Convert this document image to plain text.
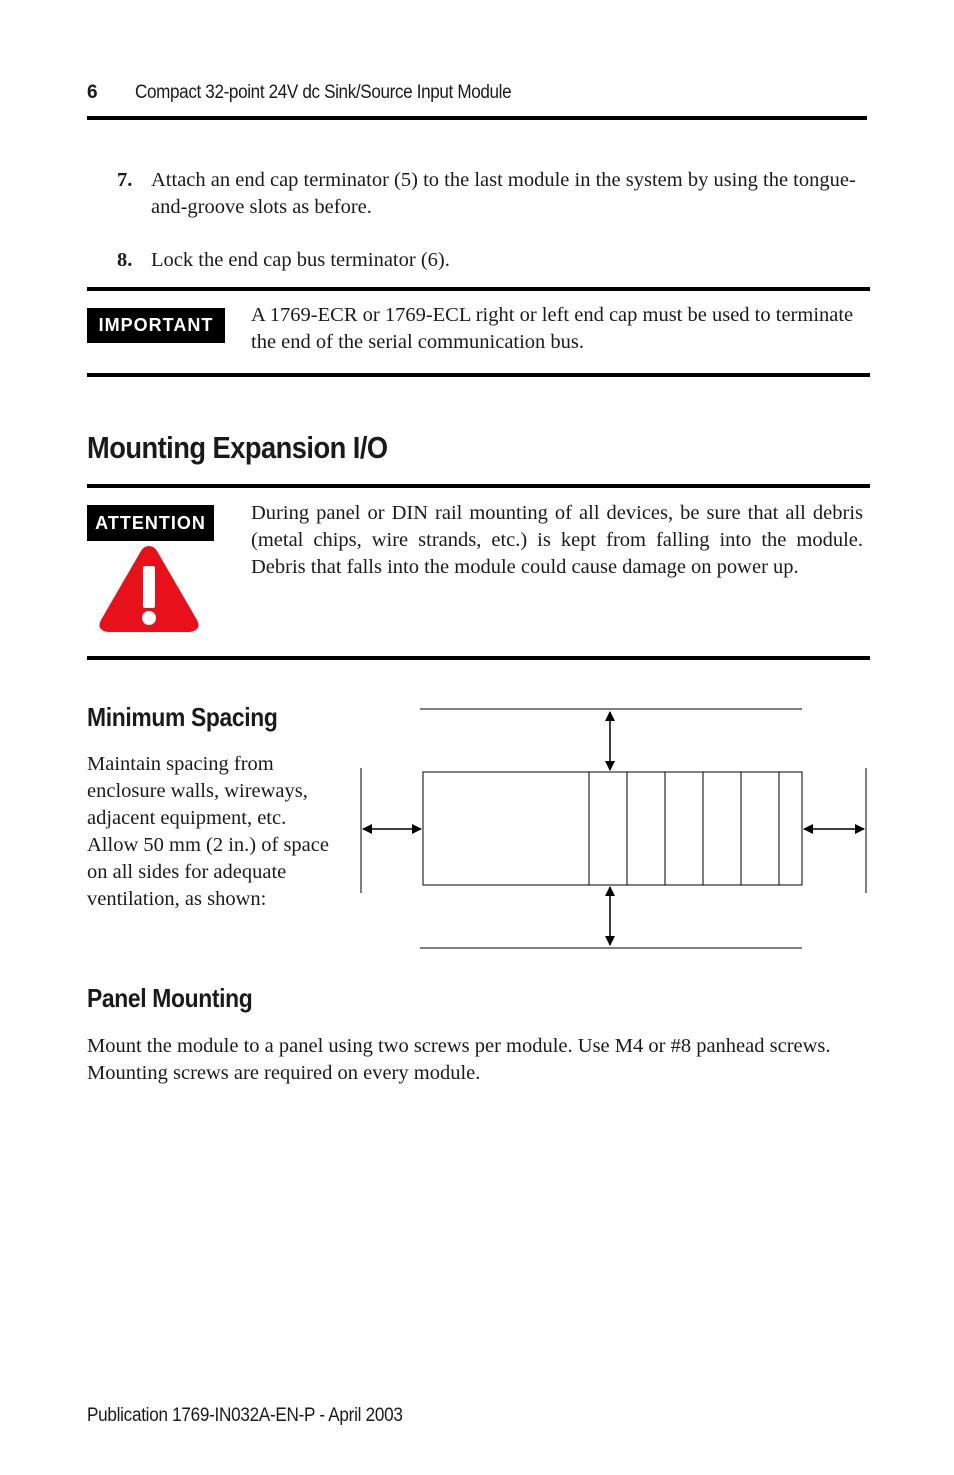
6 Compact 32-point 24V dc Sink/Source Input Module
7. Attach an end cap terminator (5) to the last module in the system by using the tongue-and-groove slots as before.
8. Lock the end cap bus terminator (6).
IMPORTANT	A 1769-ECR or 1769-ECL right or left end cap must be used to terminate the end of the serial communication bus.
Mounting Expansion I/O
ATTENTION	During panel or DIN rail mounting of all devices, be sure that all debris (metal chips, wire strands, etc.) is kept from falling into the module. Debris that falls into the module could cause damage on power up.
Minimum Spacing
Maintain spacing from enclosure walls, wireways, adjacent equipment, etc. Allow 50 mm (2 in.) of space on all sides for adequate ventilation, as shown:
Panel Mounting
Mount the module to a panel using two screws per module. Use M4 or #8 panhead screws. Mounting screws are required on every module.
Publication 1769-IN032A-EN-P - April 2003
